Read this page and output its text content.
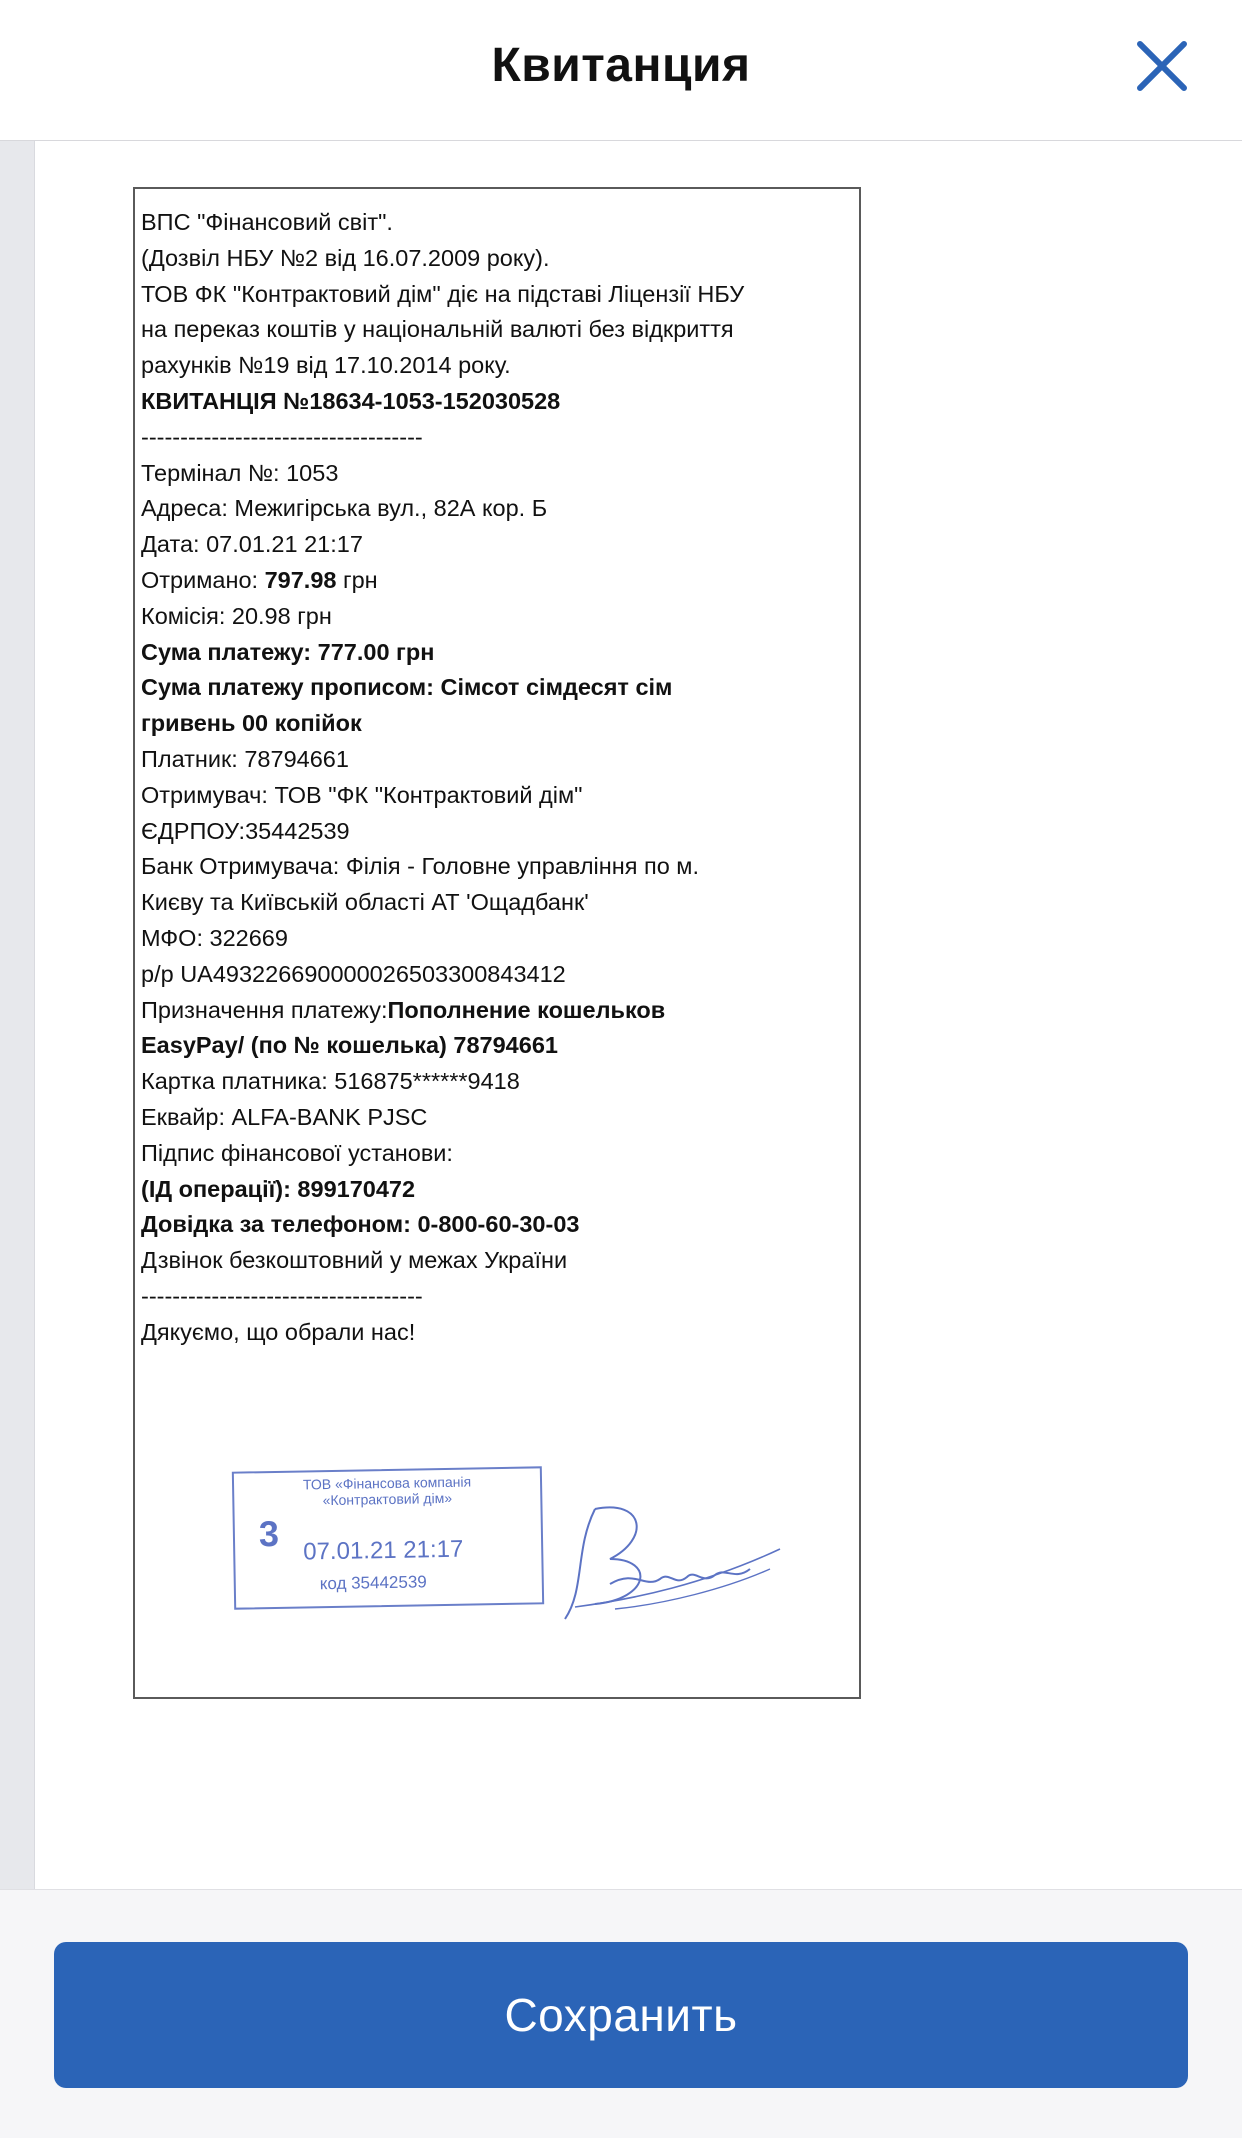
Квитанция
ВПС "Фінансовий світ".
(Дозвіл НБУ №2 від 16.07.2009 року).
ТОВ ФК "Контрактовий дім" діє на підставі Ліцензії НБУ
на переказ коштів у національній валюті без відкриття
рахунків №19 від 17.10.2014 року.
КВИТАНЦІЯ №18634-1053-152030528
------------------------------------
Термінал №: 1053
Адреса: Межигірська вул., 82А кор. Б
Дата: 07.01.21 21:17
Отримано: 797.98 грн
Комісія: 20.98 грн
Сума платежу: 777.00 грн
Сума платежу прописом: Сімсот сімдесят сім
гривень 00 копійок
Платник: 78794661
Отримувач: ТОВ "ФК "Контрактовий дім"
ЄДРПОУ:35442539
Банк Отримувача: Філія - Головне управління по м.
Києву та Київській області АТ 'Ощадбанк'
МФО: 322669
р/р UA493226690000026503300843412
Призначення платежу:Пополнение кошельков
EasyPay/ (по № кошелька) 78794661
Картка платника: 516875******9418
Еквайр: ALFA-BANK PJSC
Підпис фінансової установи:
(ІД операції): 899170472
Довідка за телефоном: 0-800-60-30-03
Дзвінок безкоштовний у межах України
------------------------------------
Дякуємо, що обрали нас!
ТОВ «Фінансова компанія
«Контрактовий дім»
3 07.01.21 21:17
код 35442539
Сохранить
